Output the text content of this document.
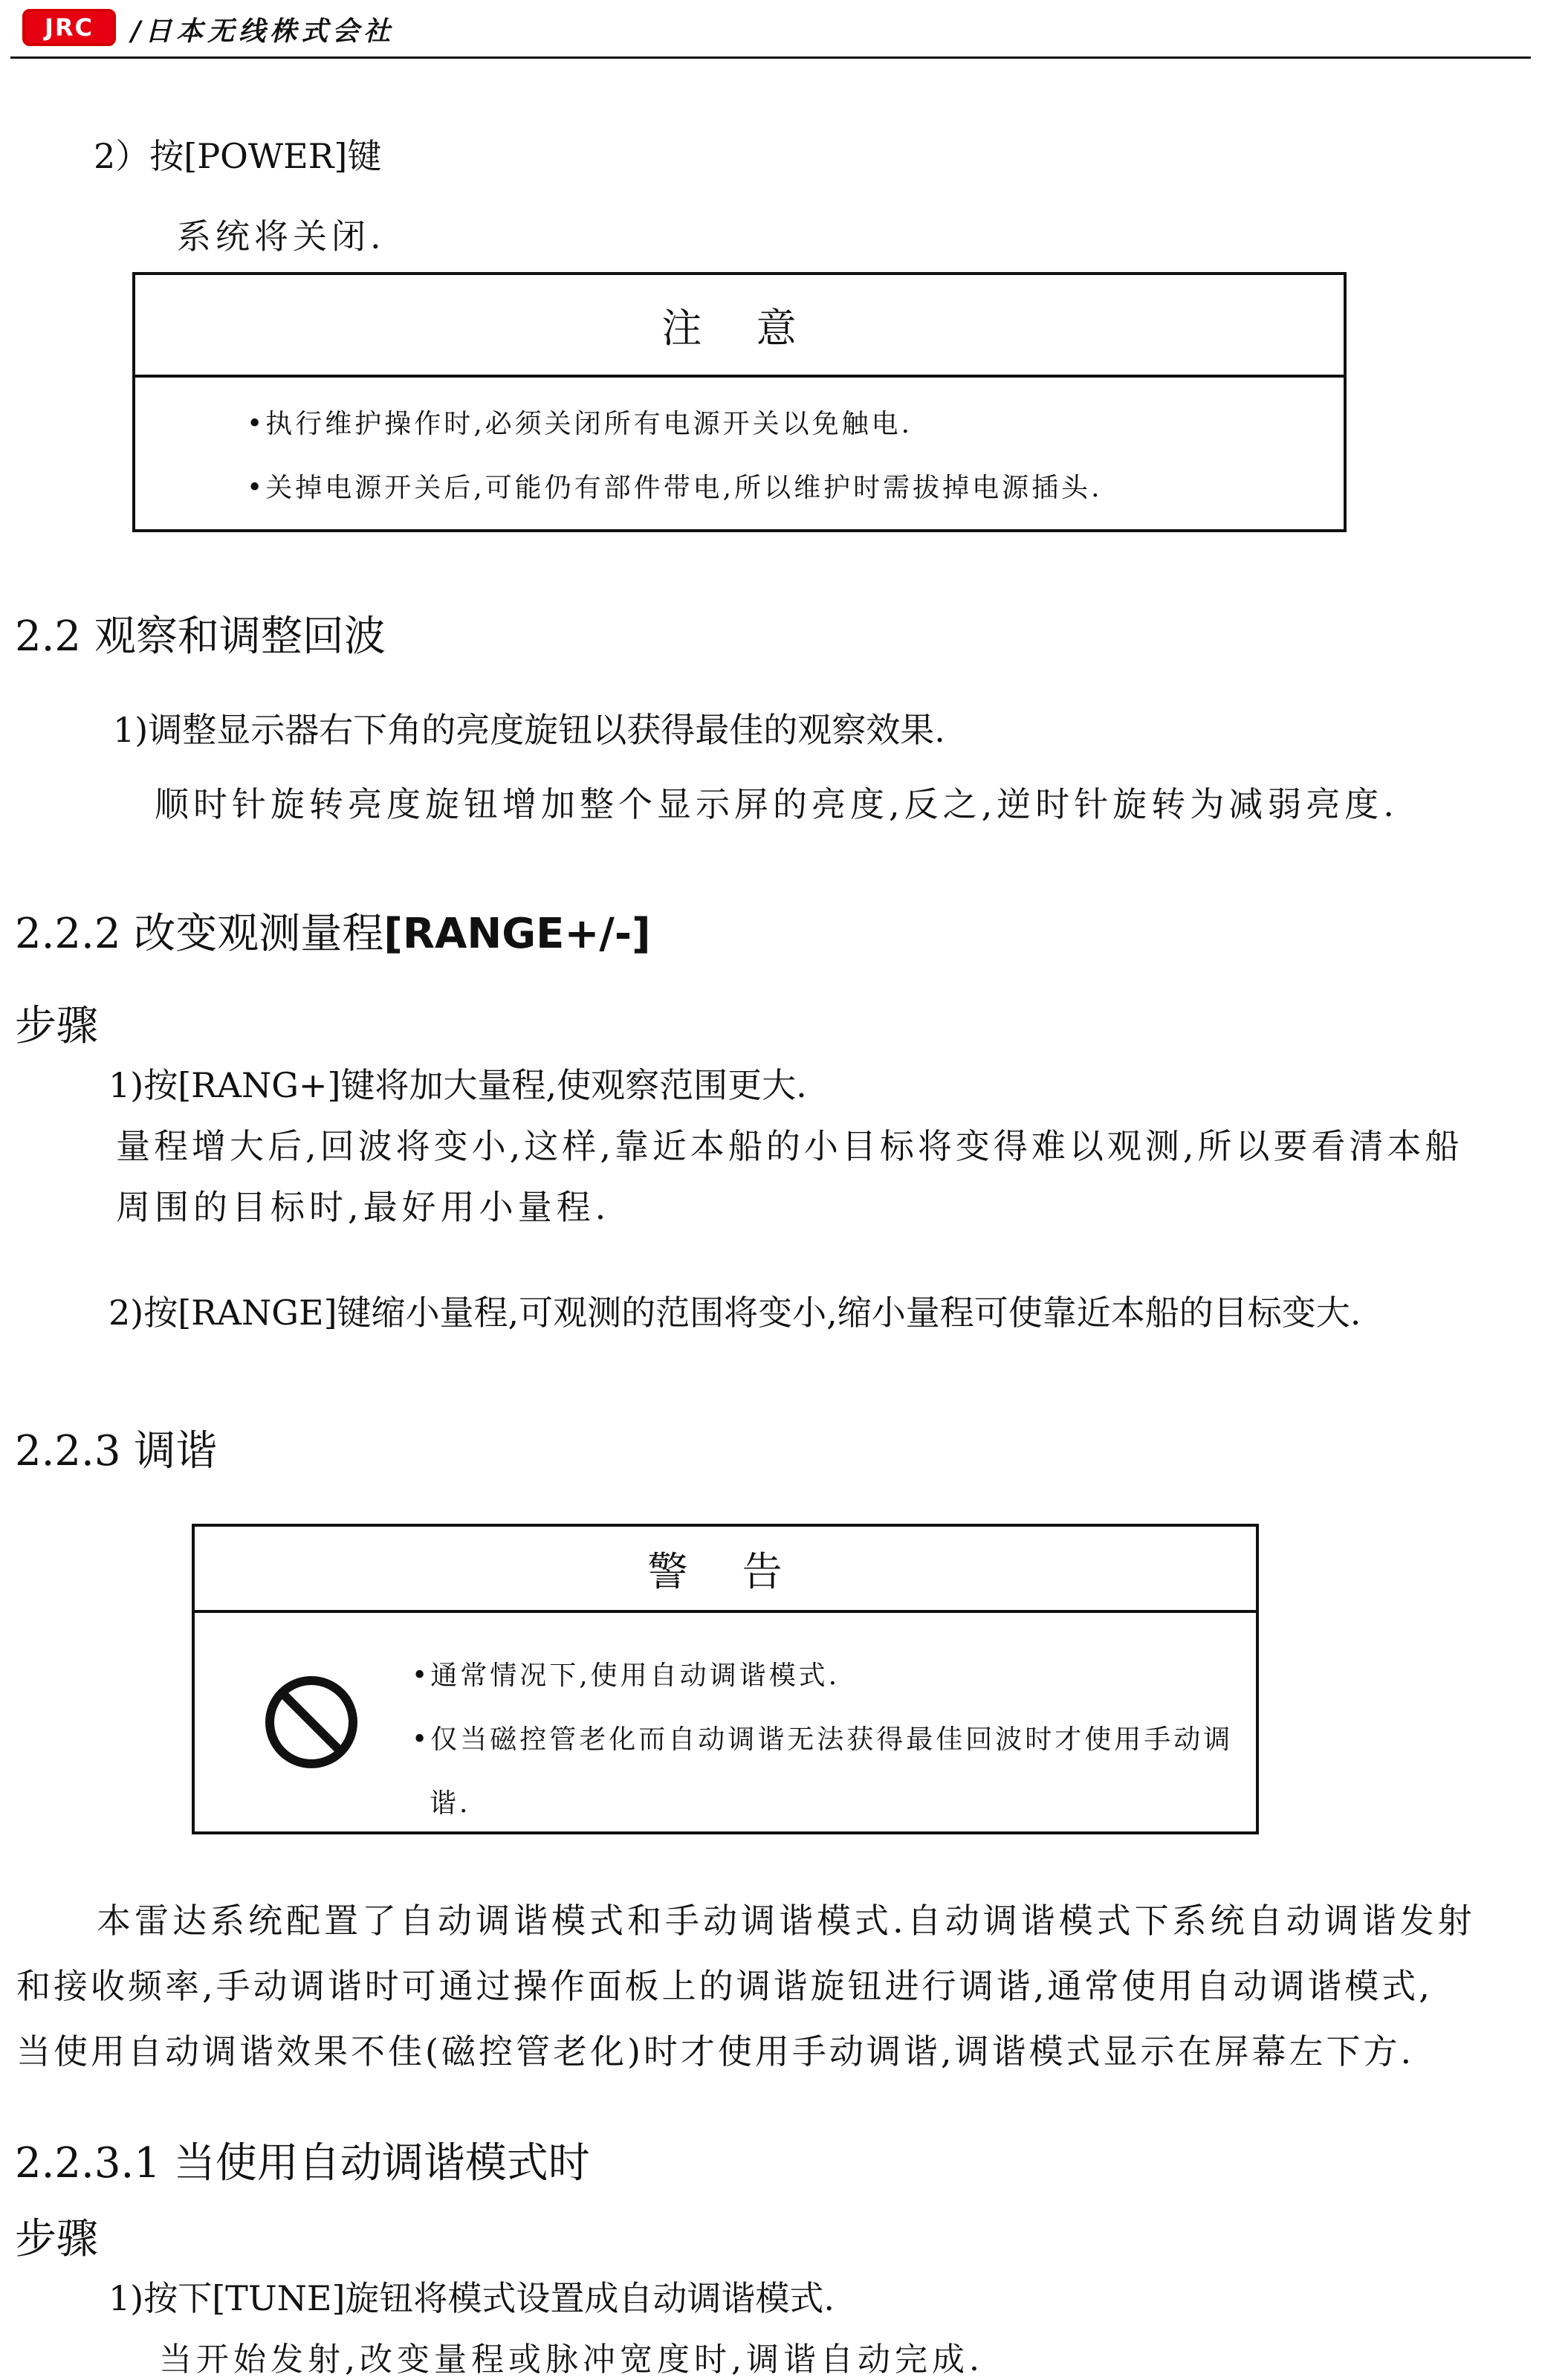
JRC /日本无线株式会社
2）按[POWER]键
系统将关闭.
注 意
•执行维护操作时,必须关闭所有电源开关以免触电.
•关掉电源开关后,可能仍有部件带电,所以维护时需拔掉电源插头.
2.2 观察和调整回波
1)调整显示器右下角的亮度旋钮以获得最佳的观察效果.
顺时针旋转亮度旋钮增加整个显示屏的亮度,反之,逆时针旋转为减弱亮度.
2.2.2 改变观测量程[RANGE+/-]
步骤
1)按[RANG+]键将加大量程,使观察范围更大.
量程增大后,回波将变小,这样,靠近本船的小目标将变得难以观测,所以要看清本船
周围的目标时,最好用小量程.
2)按[RANGE]键缩小量程,可观测的范围将变小,缩小量程可使靠近本船的目标变大.
2.2.3 调谐
警 告
•通常情况下,使用自动调谐模式.
•仅当磁控管老化而自动调谐无法获得最佳回波时才使用手动调
谐.
本雷达系统配置了自动调谐模式和手动调谐模式.自动调谐模式下系统自动调谐发射
和接收频率,手动调谐时可通过操作面板上的调谐旋钮进行调谐,通常使用自动调谐模式,
当使用自动调谐效果不佳(磁控管老化)时才使用手动调谐,调谐模式显示在屏幕左下方.
2.2.3.1 当使用自动调谐模式时
步骤
1)按下[TUNE]旋钮将模式设置成自动调谐模式.
当开始发射,改变量程或脉冲宽度时,调谐自动完成.
